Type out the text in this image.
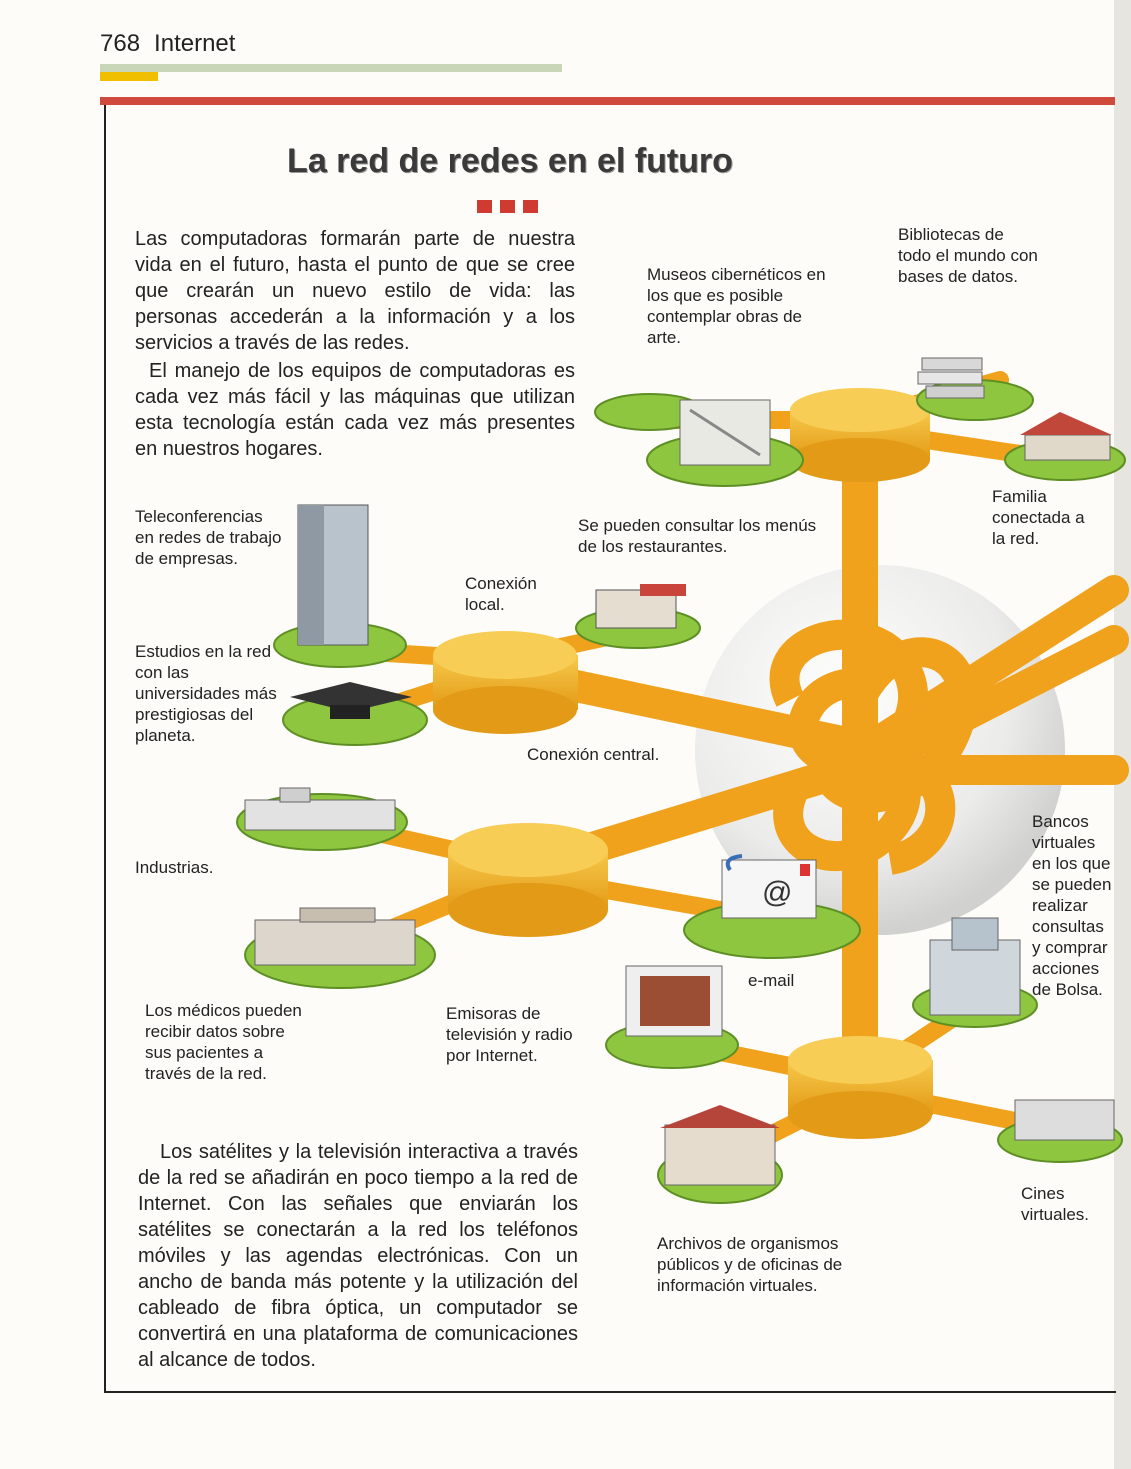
768 Internet
La red de redes en el futuro
@
Las computadoras formarán parte de nuestra vida en el futuro, hasta el punto de que se cree que crearán un nuevo estilo de vida: las personas accederán a la información y a los servicios a través de las redes.
El manejo de los equipos de computadoras es cada vez más fácil y las máquinas que utilizan esta tecnología están cada vez más presentes en nuestros hogares.
Museos cibernéticos en los que es posible contemplar obras de arte.
Bibliotecas de todo el mundo con bases de datos.
Familia conectada a la red.
Teleconferencias en redes de trabajo de empresas.
Se pueden consultar los menús de los restaurantes.
Conexión local.
Estudios en la red con las universidades más prestigiosas del planeta.
Conexión central.
Industrias.
Bancos virtuales en los que se pueden realizar consultas y comprar acciones de Bolsa.
e-mail
Los médicos pueden recibir datos sobre sus pacientes a través de la red.
Emisoras de televisión y radio por Internet.
Cines virtuales.
Archivos de organismos públicos y de oficinas de información virtuales.
Los satélites y la televisión interactiva a través de la red se añadirán en poco tiempo a la red de Internet. Con las señales que enviarán los satélites se conectarán a la red los teléfonos móviles y las agendas electrónicas. Con un ancho de banda más potente y la utilización del cableado de fibra óptica, un computador se convertirá en una plataforma de comunicaciones al alcance de todos.
